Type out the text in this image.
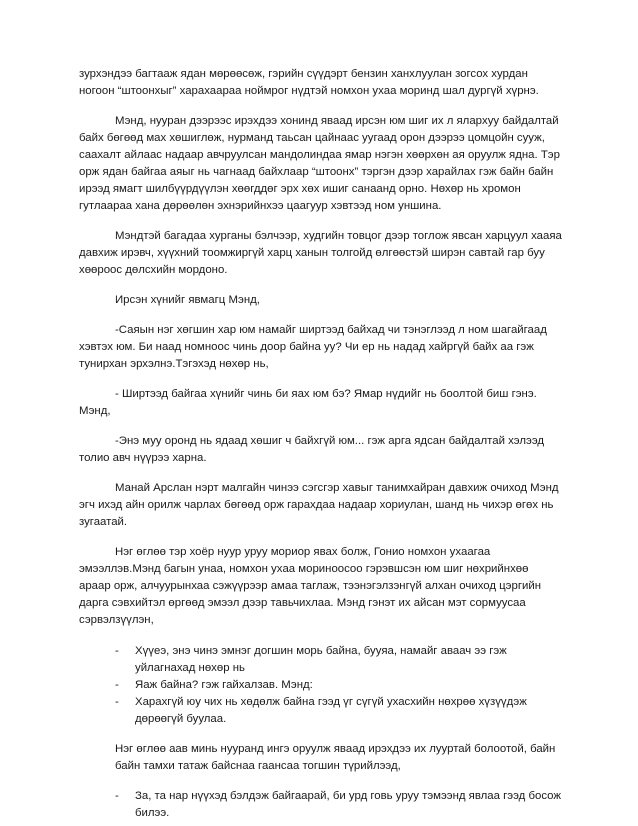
зурхэндээ багтааж ядан мөрөөсөж, гэрийн сүүдэрт бензин ханхлуулан зогсох хурдан ногоон “штоонхыг” харахаараа ноймрог нүдтэй номхон уxаа моринд шал дургүй хүрнэ.

Мэнд, нууран дээрээс ирэхдээ хонинд яваад ирсэн юм шиг их л яларxуу байдалтай байх бөгөөд мах хөшиглөж, нурманд таьсан цайнаас уугаад орон дээрээ цомцойн сууж, саахалт айлаас надаар авчруулсан мандолиндаа ямар нэгэн хөөрхөн ая оруулж ядна. Тэр орж ядан байгаа аяыг нь чагнаад байхлаар “штоонх” тэргэн дээр харайлах гэж байн байн ирээд ямагт шилбүүрдүүлэн хөөгддөг эрх хөх ишиг санаанд орно. Нөхөр нь хромон гутлаараа хана дөрөөлөн эхнэрийнхээ цаагуур хэвтээд ном уншина.

Мэндтэй багадаа хурганы бэлчээр, худгийн товцог дээр тоглож явсан харцуул хааяа давхиж ирэвч, хүүхний тоомжиргүй харц ханын толгойд өлгөөстэй ширэн савтай гар буу хөөроос дөлсхийн мордоно.

Ирсэн хүнийг явмагц Мэнд,

-Саяын нэг хөгшин хар юм намайг ширтээд байхад чи тэнэглээд л ном шагайгаад хэвтэх юм. Би наад номноос чинь доор байна уу? Чи ер нь надад хайргүй байх аа гэж тунирхан эрхэлнэ.Тэгэхэд нөхөр нь,

- Ширтээд байгаа хүнийг чинь би яах юм бэ? Ямар нүдийг нь боолтой биш гэнэ. Мэнд,

-Энэ муу оронд нь ядаад хөшиг ч байхгүй юм... гэж арга ядсан байдалтай хэлээд толио авч нүүрээ харна.

Манай Арслан нэрт малгайн чинээ сэгсгэр хавыг танимхайран давхиж очиход Мэнд эгч ихэд айн орилж чарлах бөгөөд орж гарахдаа надаар хориулан, шанд нь чихэр өгөх нь зугаатай.

Нэг өглөө тэр хоёр нуур уруу мориор явах болж, Гонио номхон уxаагаа эмээллэв.Мэнд багын унаа, номхон уxаа мориноосоо гэрэвшсэн юм шиг нөхрийнхөө араар орж, алчуурынхаа сэжүүрээр амаа таглаж, тээнэгэлзэнгүй алхан очиход цэргийн дарга сэвхийтэл өргөөд эмээл дээр тавьчихлаа. Мэнд гэнэт их айсан мэт сормуусаа сэрвэлзүүлэн,

- Хүүеэ, энэ чинэ эмнэг догшин морь байна, бууяа, намайг аваач ээ гэж уйлагнахад нөхөр нь
- Яаж байна? гэж гайхалзав. Мэнд:
- Харахгүй юу чих нь хөдөлж байна гээд үг сүгүй ухасхийн нөхрөө хүзүүдэж дөрөөгүй буулаа.

Нэг өглөө аав минь нууранд ингэ оруулж яваад ирэхдээ их лууртай болоотой, байн байн тамхи татаж байснаа гаансаа тогшин түрийлээд,

- За, та нар нүүхэд бэлдэж байгаарай, би урд говь уруу тэмээнд явлаа гээд босож билээ.
